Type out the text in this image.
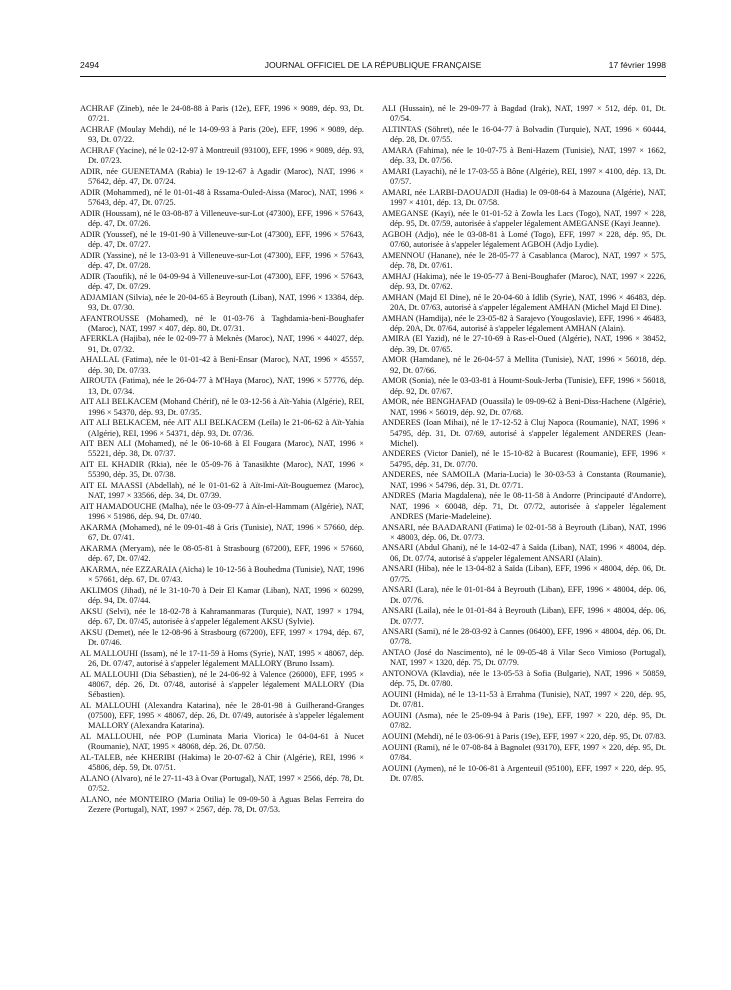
2494	JOURNAL OFFICIEL DE LA RÉPUBLIQUE FRANÇAISE	17 février 1998

ACHRAF (Zineb), née le 24-08-88 à Paris (12e), EFF, 1996 × 9089, dép. 93, Dt. 07/21.

ACHRAF (Moulay Mehdi), né le 14-09-93 à Paris (20e), EFF, 1996 × 9089, dép. 93, Dt. 07/22.

ACHRAF (Yacine), né le 02-12-97 à Montreuil (93100), EFF, 1996 × 9089, dép. 93, Dt. 07/23.

ADIR, née GUENETAMA (Rabia) le 19-12-67 à Agadir (Maroc), NAT, 1996 × 57642, dép. 47, Dt. 07/24.

ADIR (Mohammed), né le 01-01-48 à Rssama-Ouled-Aissa (Maroc), NAT, 1996 × 57643, dép. 47, Dt. 07/25.

ADIR (Houssam), né le 03-08-87 à Villeneuve-sur-Lot (47300), EFF, 1996 × 57643, dép. 47, Dt. 07/26.

ADIR (Youssef), né le 19-01-90 à Villeneuve-sur-Lot (47300), EFF, 1996 × 57643, dép. 47, Dt. 07/27.

ADIR (Yassine), né le 13-03-91 à Villeneuve-sur-Lot (47300), EFF, 1996 × 57643, dép. 47, Dt. 07/28.

ADIR (Taoufik), né le 04-09-94 à Villeneuve-sur-Lot (47300), EFF, 1996 × 57643, dép. 47, Dt. 07/29.

ADJAMIAN (Silvia), née le 20-04-65 à Beyrouth (Liban), NAT, 1996 × 13384, dép. 93, Dt. 07/30.

AFANTROUSSE (Mohamed), né le 01-03-76 à Taghdamia-beni-Boughafer (Maroc), NAT, 1997 × 407, dép. 80, Dt. 07/31.

AFERKLA (Hajiba), née le 02-09-77 à Meknès (Maroc), NAT, 1996 × 44027, dép. 91, Dt. 07/32.

AHALLAL (Fatima), née le 01-01-42 à Beni-Ensar (Maroc), NAT, 1996 × 45557, dép. 30, Dt. 07/33.

AIROUTA (Fatima), née le 26-04-77 à M'Haya (Maroc), NAT, 1996 × 57776, dép. 13, Dt. 07/34.

AIT ALI BELKACEM (Mohand Chérif), né le 03-12-56 à Aït-Yahia (Algérie), REI, 1996 × 54370, dép. 93, Dt. 07/35.

AIT ALI BELKACEM, née AIT ALI BELKACEM (Leïla) le 21-06-62 à Aït-Yahia (Algérie), REI, 1996 × 54371, dép. 93, Dt. 07/36.

AIT BEN ALI (Mohamed), né le 06-10-68 à El Fougara (Maroc), NAT, 1996 × 55221, dép. 38, Dt. 07/37.

AIT EL KHADIR (Rkia), née le 05-09-76 à Tanasikhte (Maroc), NAT, 1996 × 55390, dép. 35, Dt. 07/38.

AIT EL MAASSI (Abdellah), né le 01-01-62 à Aït-Imi-Aït-Bouguemez (Maroc), NAT, 1997 × 33566, dép. 34, Dt. 07/39.

AIT HAMADOUCHE (Malha), née le 03-09-77 à Aïn-el-Hammam (Algérie), NAT, 1996 × 51986, dép. 94, Dt. 07/40.

AKARMA (Mohamed), né le 09-01-48 à Gris (Tunisie), NAT, 1996 × 57660, dép. 67, Dt. 07/41.

AKARMA (Meryam), née le 08-05-81 à Strasbourg (67200), EFF, 1996 × 57660, dép. 67, Dt. 07/42.

AKARMA, née EZZARAIA (Aïcha) le 10-12-56 à Bouhedma (Tunisie), NAT, 1996 × 57661, dép. 67, Dt. 07/43.

AKLIMOS (Jihad), né le 31-10-70 à Deir El Kamar (Liban), NAT, 1996 × 60299, dép. 94, Dt. 07/44.

AKSU (Selvi), née le 18-02-78 à Kahramanmaras (Turquie), NAT, 1997 × 1794, dép. 67, Dt. 07/45, autorisée à s'appeler légalement AKSU (Sylvie).

AKSU (Demet), née le 12-08-96 à Strasbourg (67200), EFF, 1997 × 1794, dép. 67, Dt. 07/46.

AL MALLOUHI (Issam), né le 17-11-59 à Homs (Syrie), NAT, 1995 × 48067, dép. 26, Dt. 07/47, autorisé à s'appeler légalement MALLORY (Bruno Issam).

AL MALLOUHI (Dia Sébastien), né le 24-06-92 à Valence (26000), EFF, 1995 × 48067, dép. 26, Dt. 07/48, autorisé à s'appeler légalement MALLORY (Dia Sébastien).

AL MALLOUHI (Alexandra Katarina), née le 28-01-98 à Guilherand-Granges (07500), EFF, 1995 × 48067, dép. 26, Dt. 07/49, autorisée à s'appeler légalement MALLORY (Alexandra Katarina).

AL MALLOUHI, née POP (Luminata Maria Viorica) le 04-04-61 à Nucet (Roumanie), NAT, 1995 × 48068, dép. 26, Dt. 07/50.

AL-TALEB, née KHERIBI (Hakima) le 20-07-62 à Chir (Algérie), REI, 1996 × 45806, dép. 59, Dt. 07/51.

ALANO (Alvaro), né le 27-11-43 à Ovar (Portugal), NAT, 1997 × 2566, dép. 78, Dt. 07/52.

ALANO, née MONTEIRO (Maria Otilia) le 09-09-50 à Aguas Belas Ferreira do Zezere (Portugal), NAT, 1997 × 2567, dép. 78, Dt. 07/53.

ALI (Hussain), né le 29-09-77 à Bagdad (Irak), NAT, 1997 × 512, dép. 01, Dt. 07/54.

ALTINTAS (Söhret), née le 16-04-77 à Bolvadin (Turquie), NAT, 1996 × 60444, dép. 28, Dt. 07/55.

AMARA (Fahima), née le 10-07-75 à Beni-Hazem (Tunisie), NAT, 1997 × 1662, dép. 33, Dt. 07/56.

AMARI (Layachi), né le 17-03-55 à Bône (Algérie), REI, 1997 × 4100, dép. 13, Dt. 07/57.

AMARI, née LARBI-DAOUADJI (Hadia) le 09-08-64 à Mazouna (Algérie), NAT, 1997 × 4101, dép. 13, Dt. 07/58.

AMEGANSE (Kayi), née le 01-01-52 à Zowla les Lacs (Togo), NAT, 1997 × 228, dép. 95, Dt. 07/59, autorisée à s'appeler légalement AMEGANSE (Kayi Jeanne).

AGBOH (Adjo), née le 03-08-81 à Lomé (Togo), EFF, 1997 × 228, dép. 95, Dt. 07/60, autorisée à s'appeler légalement AGBOH (Adjo Lydie).

AMENNOU (Hanane), née le 28-05-77 à Casablanca (Maroc), NAT, 1997 × 575, dép. 78, Dt. 07/61.

AMHAJ (Hakima), née le 19-05-77 à Beni-Boughafer (Maroc), NAT, 1997 × 2226, dép. 93, Dt. 07/62.

AMHAN (Majd El Dine), né le 20-04-60 à Idlib (Syrie), NAT, 1996 × 46483, dép. 20A, Dt. 07/63, autorisé à s'appeler légalement AMHAN (Michel Majd El Dine).

AMHAN (Hamdija), née le 23-05-82 à Sarajevo (Yougoslavie), EFF, 1996 × 46483, dép. 20A, Dt. 07/64, autorisé à s'appeler légalement AMHAN (Alain).

AMIRA (El Yazid), né le 27-10-69 à Ras-el-Oued (Algérie), NAT, 1996 × 38452, dép. 39, Dt. 07/65.

AMOR (Hamdane), né le 26-04-57 à Mellita (Tunisie), NAT, 1996 × 56018, dép. 92, Dt. 07/66.

AMOR (Sonia), née le 03-03-81 à Houmt-Souk-Jerba (Tunisie), EFF, 1996 × 56018, dép. 92, Dt. 07/67.

AMOR, née BENGHAFAD (Ouassila) le 09-09-62 à Beni-Diss-Hachene (Algérie), NAT, 1996 × 56019, dép. 92, Dt. 07/68.

ANDERES (Ioan Mihai), né le 17-12-52 à Cluj Napoca (Roumanie), NAT, 1996 × 54795, dép. 31, Dt. 07/69, autorisé à s'appeler légalement ANDERES (Jean-Michel).

ANDERES (Victor Daniel), né le 15-10-82 à Bucarest (Roumanie), EFF, 1996 × 54795, dép. 31, Dt. 07/70.

ANDERES, née SAMOILA (Maria-Lucia) le 30-03-53 à Constanta (Roumanie), NAT, 1996 × 54796, dép. 31, Dt. 07/71.

ANDRES (Maria Magdalena), née le 08-11-58 à Andorre (Principauté d'Andorre), NAT, 1996 × 60048, dép. 71, Dt. 07/72, autorisée à s'appeler légalement ANDRES (Marie-Madeleine).

ANSARI, née BAADARANI (Fatima) le 02-01-58 à Beyrouth (Liban), NAT, 1996 × 48003, dép. 06, Dt. 07/73.

ANSARI (Abdul Ghani), né le 14-02-47 à Saïda (Liban), NAT, 1996 × 48004, dép. 06, Dt. 07/74, autorisé à s'appeler légalement ANSARI (Alain).

ANSARI (Hiba), née le 13-04-82 à Saïda (Liban), EFF, 1996 × 48004, dép. 06, Dt. 07/75.

ANSARI (Lara), née le 01-01-84 à Beyrouth (Liban), EFF, 1996 × 48004, dép. 06, Dt. 07/76.

ANSARI (Laila), née le 01-01-84 à Beyrouth (Liban), EFF, 1996 × 48004, dép. 06, Dt. 07/77.

ANSARI (Sami), né le 28-03-92 à Cannes (06400), EFF, 1996 × 48004, dép. 06, Dt. 07/78.

ANTAO (José do Nascimento), né le 09-05-48 à Vilar Seco Vimioso (Portugal), NAT, 1997 × 1320, dép. 75, Dt. 07/79.

ANTONOVA (Klavdia), née le 13-05-53 à Sofia (Bulgarie), NAT, 1996 × 50859, dép. 75, Dt. 07/80.

AOUINI (Hmida), né le 13-11-53 à Errahma (Tunisie), NAT, 1997 × 220, dép. 95, Dt. 07/81.

AOUINI (Asma), née le 25-09-94 à Paris (19e), EFF, 1997 × 220, dép. 95, Dt. 07/82.

AOUINI (Mehdi), né le 03-06-91 à Paris (19e), EFF, 1997 × 220, dép. 95, Dt. 07/83.

AOUINI (Rami), né le 07-08-84 à Bagnolet (93170), EFF, 1997 × 220, dép. 95, Dt. 07/84.

AOUINI (Aymen), né le 10-06-81 à Argenteuil (95100), EFF, 1997 × 220, dép. 95, Dt. 07/85.
